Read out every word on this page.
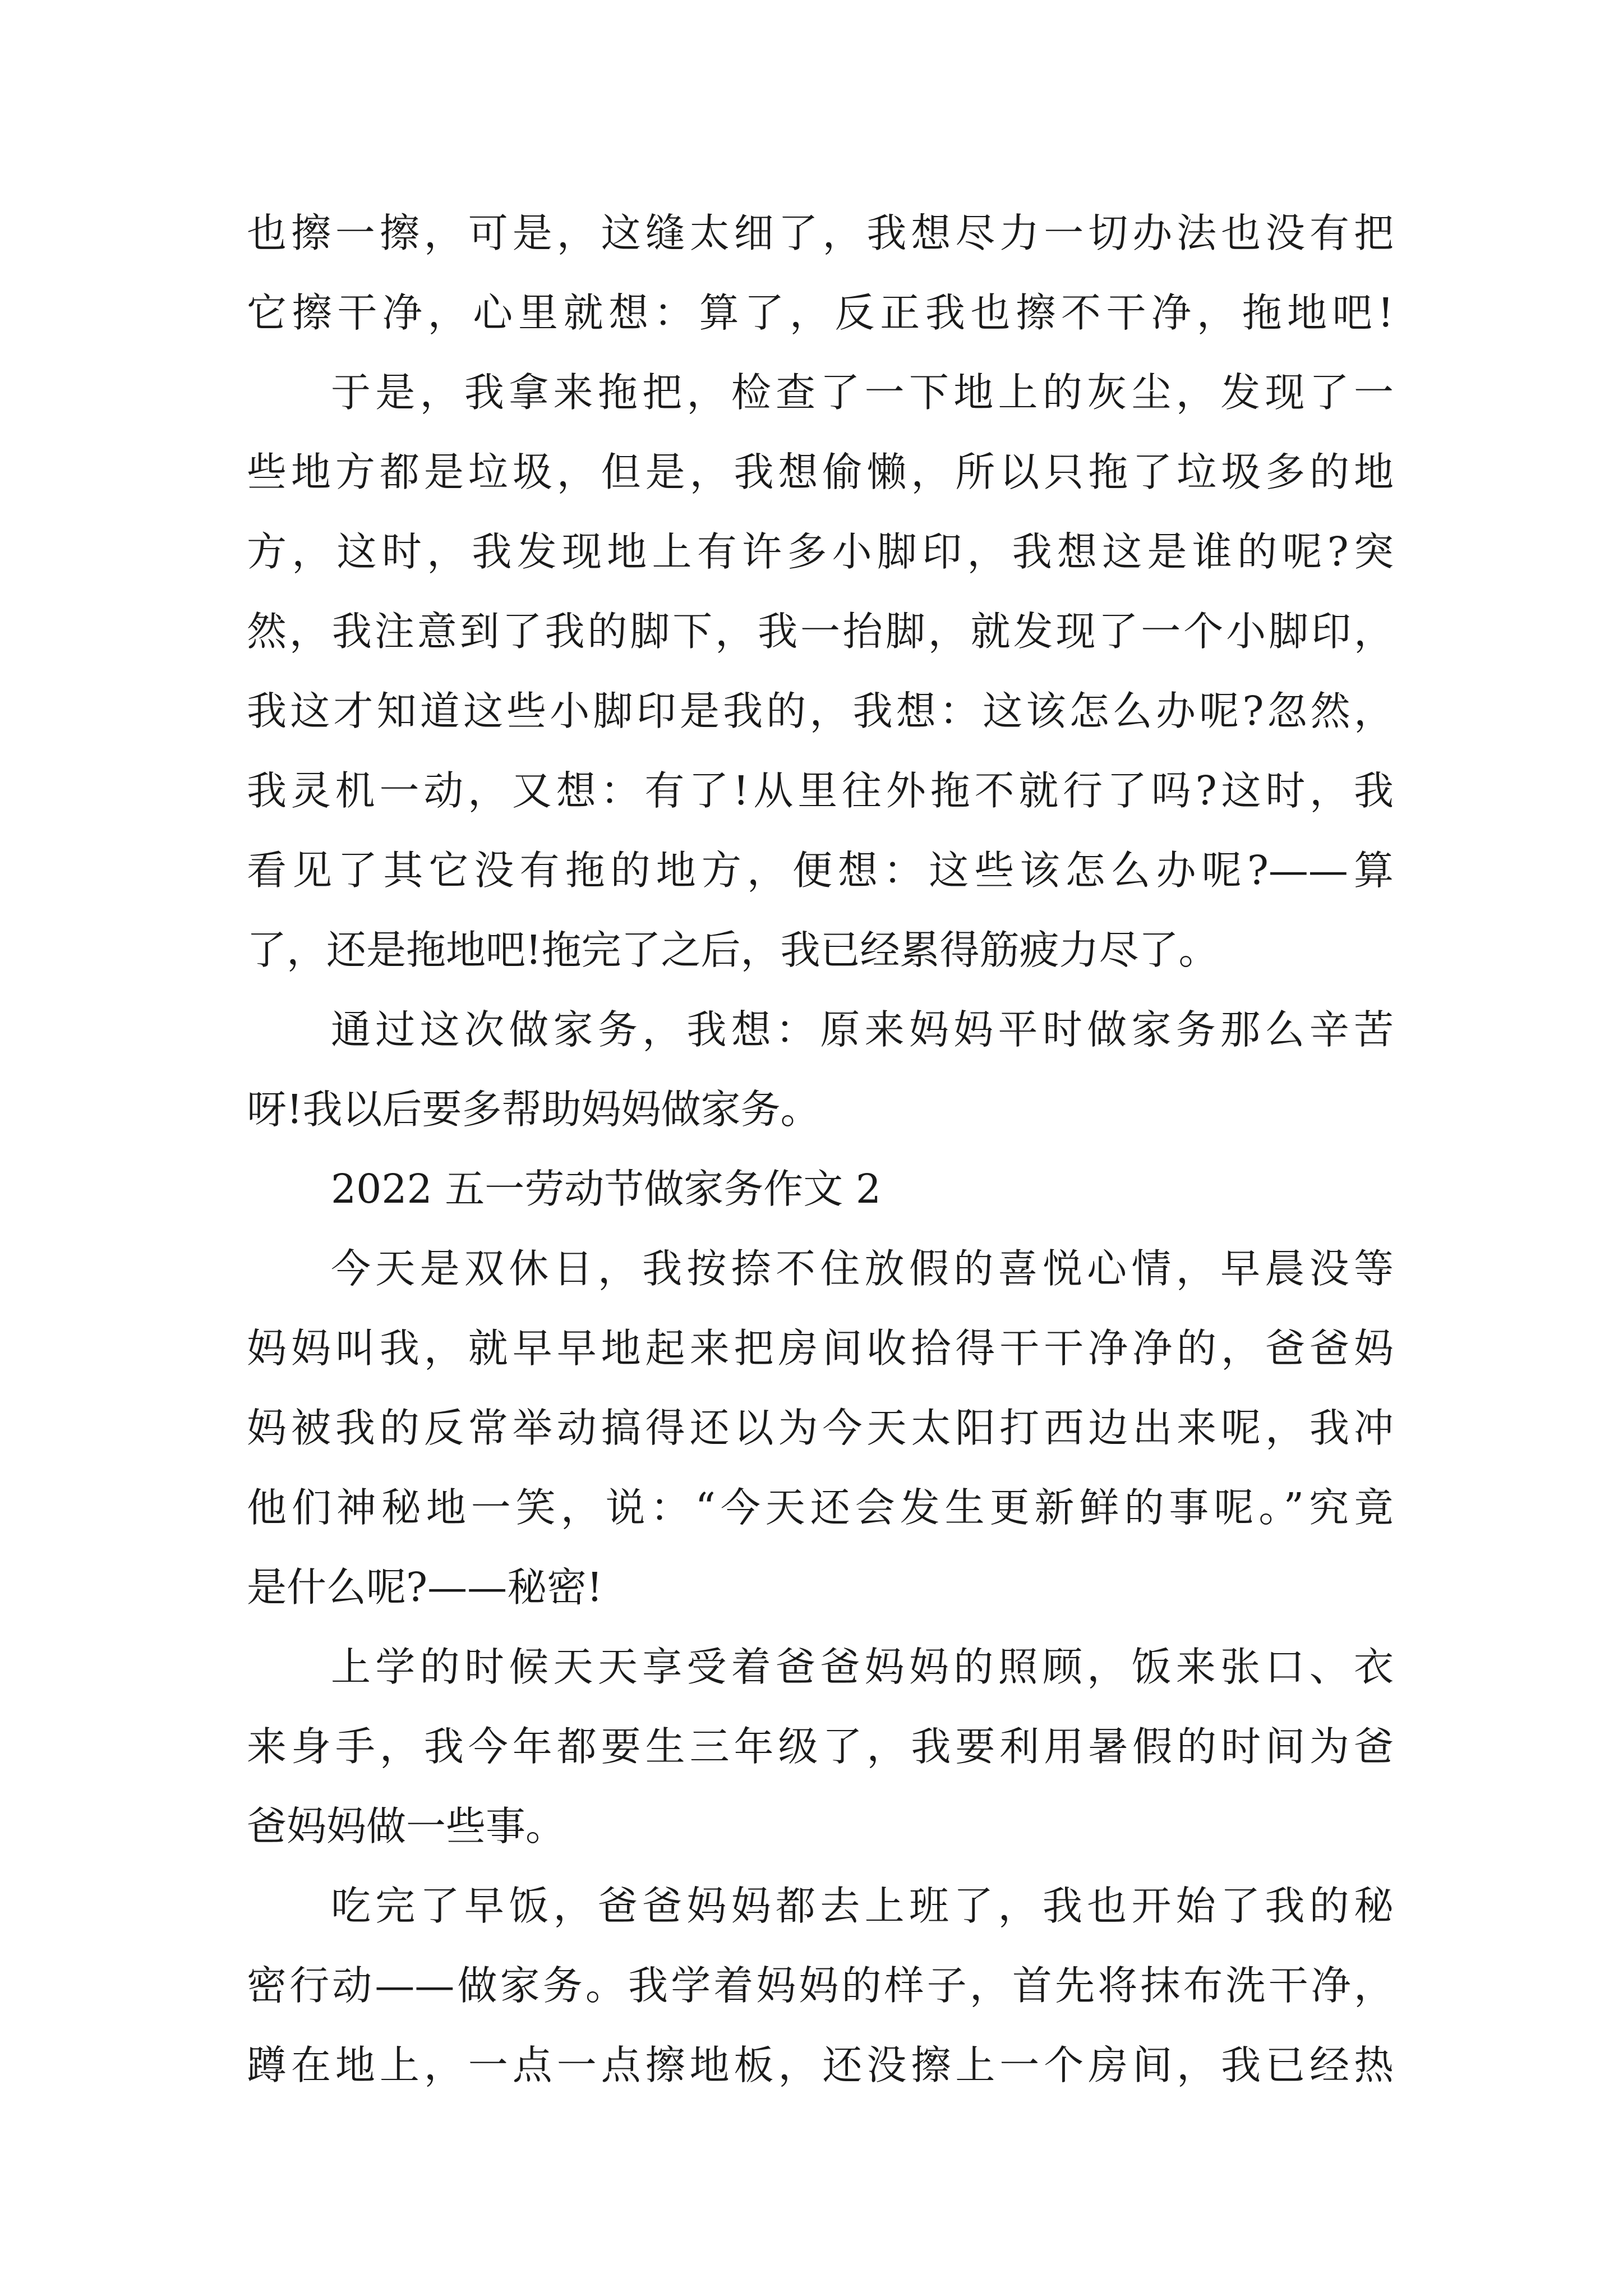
也擦一擦，可是，这缝太细了，我想尽力一切办法也没有把
它擦干净，心里就想：算了，反正我也擦不干净，拖地吧!
于是，我拿来拖把，检查了一下地上的灰尘，发现了一
些地方都是垃圾，但是，我想偷懒，所以只拖了垃圾多的地
方，这时，我发现地上有许多小脚印，我想这是谁的呢?突
然，我注意到了我的脚下，我一抬脚，就发现了一个小脚印，
我这才知道这些小脚印是我的，我想：这该怎么办呢?忽然，
我灵机一动，又想：有了!从里往外拖不就行了吗?这时，我
看见了其它没有拖的地方，便想：这些该怎么办呢?——算
了，还是拖地吧!拖完了之后，我已经累得筋疲力尽了。
通过这次做家务，我想：原来妈妈平时做家务那么辛苦
呀!我以后要多帮助妈妈做家务。
2022 五一劳动节做家务作文 2
今天是双休日，我按捺不住放假的喜悦心情，早晨没等
妈妈叫我，就早早地起来把房间收拾得干干净净的，爸爸妈
妈被我的反常举动搞得还以为今天太阳打西边出来呢，我冲
他们神秘地一笑，说：“今天还会发生更新鲜的事呢。”究竟
是什么呢?——秘密!
上学的时候天天享受着爸爸妈妈的照顾，饭来张口、衣
来身手，我今年都要生三年级了，我要利用暑假的时间为爸
爸妈妈做一些事。
吃完了早饭，爸爸妈妈都去上班了，我也开始了我的秘
密行动——做家务。我学着妈妈的样子，首先将抹布洗干净，
蹲在地上，一点一点擦地板，还没擦上一个房间，我已经热
